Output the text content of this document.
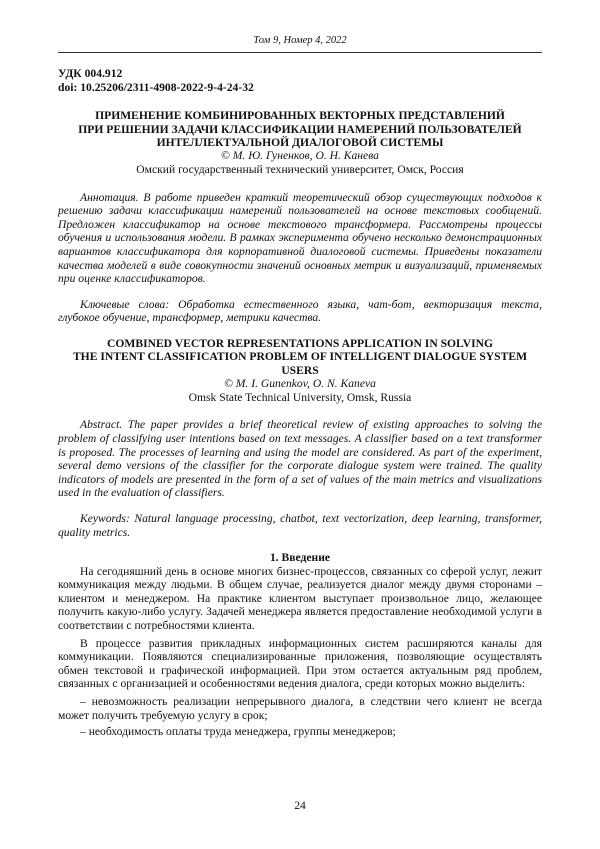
Том 9, Номер 4, 2022
УДК 004.912
doi: 10.25206/2311-4908-2022-9-4-24-32
ПРИМЕНЕНИЕ КОМБИНИРОВАННЫХ ВЕКТОРНЫХ ПРЕДСТАВЛЕНИЙ
ПРИ РЕШЕНИИ ЗАДАЧИ КЛАССИФИКАЦИИ НАМЕРЕНИЙ ПОЛЬЗОВАТЕЛЕЙ
ИНТЕЛЛЕКТУАЛЬНОЙ ДИАЛОГОВОЙ СИСТЕМЫ
© М. Ю. Гуненков, О. Н. Канева
Омский государственный технический университет, Омск, Россия
Аннотация. В работе приведен краткий теоретический обзор существующих подходов к решению задачи классификации намерений пользователей на основе текстовых сообщений. Предложен классификатор на основе текстового трансформера. Рассмотрены процессы обучения и использования модели. В рамках эксперимента обучено несколько демонстрационных вариантов классификатора для корпоративной диалоговой системы. Приведены показатели качества моделей в виде совокупности значений основных метрик и визуализаций, применяемых при оценке классификаторов.
Ключевые слова: Обработка естественного языка, чат-бот, векторизация текста, глубокое обучение, трансформер, метрики качества.
COMBINED VECTOR REPRESENTATIONS APPLICATION IN SOLVING
THE INTENT CLASSIFICATION PROBLEM OF INTELLIGENT DIALOGUE SYSTEM
USERS
© M. I. Gunenkov, O. N. Kaneva
Omsk State Technical University, Omsk, Russia
Abstract. The paper provides a brief theoretical review of existing approaches to solving the problem of classifying user intentions based on text messages. A classifier based on a text transformer is proposed. The processes of learning and using the model are considered. As part of the experiment, several demo versions of the classifier for the corporate dialogue system were trained. The quality indicators of models are presented in the form of a set of values of the main metrics and visualizations used in the evaluation of classifiers.
Keywords: Natural language processing, chatbot, text vectorization, deep learning, transformer, quality metrics.
1. Введение

На сегодняшний день в основе многих бизнес-процессов, связанных со сферой услуг, лежит коммуникация между людьми. В общем случае, реализуется диалог между двумя сторонами – клиентом и менеджером. На практике клиентом выступает произвольное лицо, желающее получить какую-либо услугу. Задачей менеджера является предоставление необходимой услуги в соответствии с потребностями клиента.

В процессе развития прикладных информационных систем расширяются каналы для коммуникации. Появляются специализированные приложения, позволяющие осуществлять обмен текстовой и графической информацией. При этом остается актуальным ряд проблем, связанных с организацией и особенностями ведения диалога, среди которых можно выделить:

– невозможность реализации непрерывного диалога, в следствии чего клиент не всегда может получить требуемую услугу в срок;

– необходимость оплаты труда менеджера, группы менеджеров;

24
